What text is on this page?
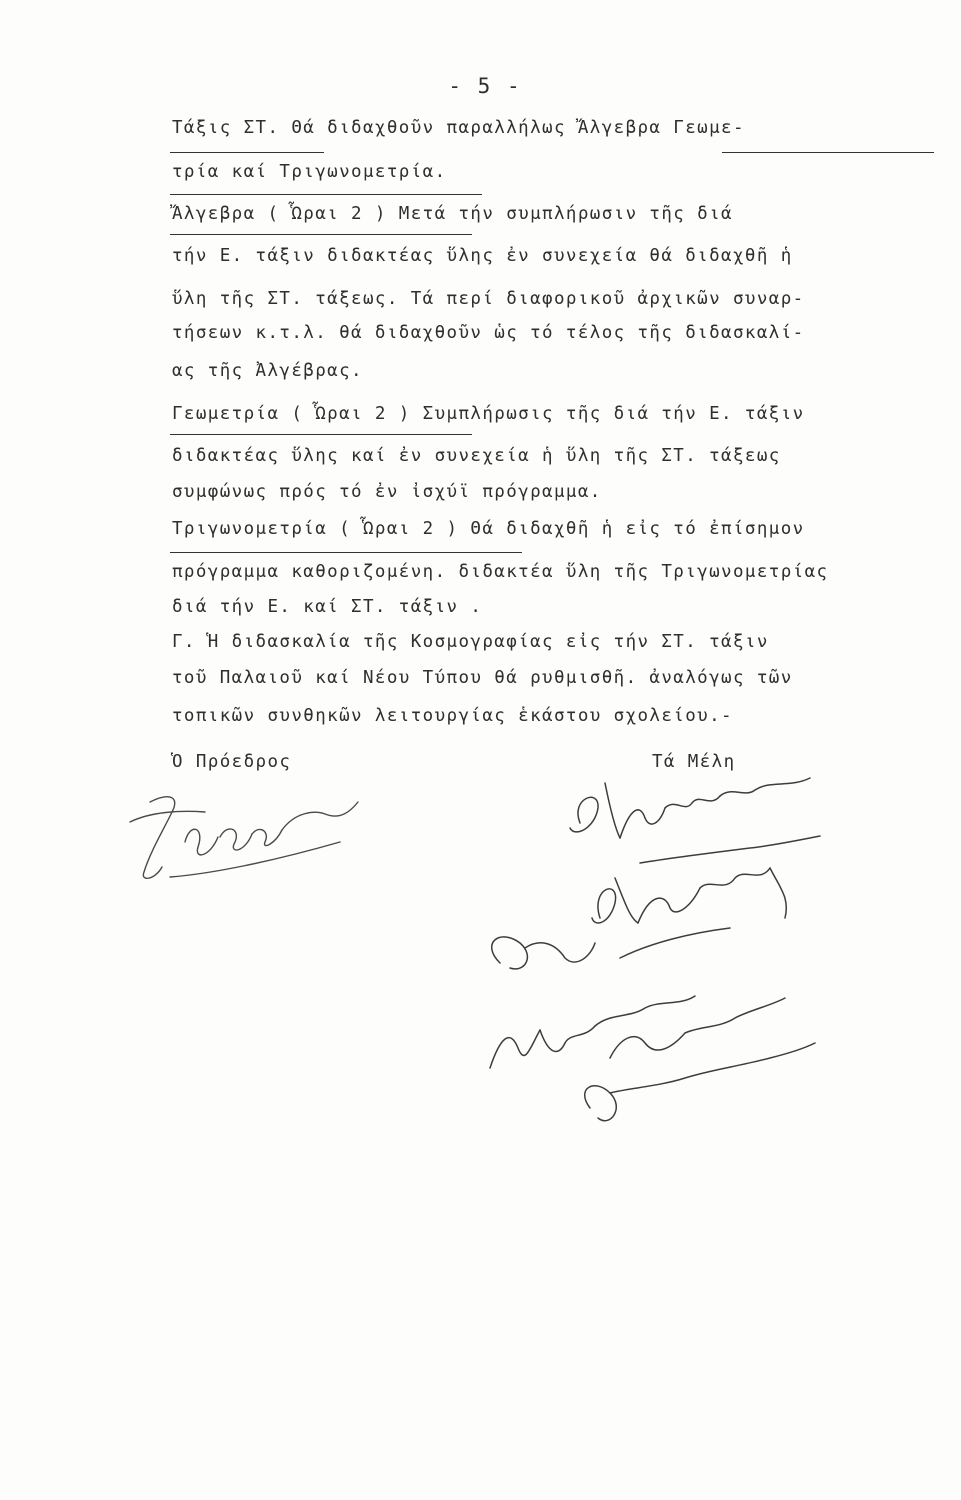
- 5 -
Τάξις ΣΤ. Θά διδαχθοῦν παραλλήλως Ἄλγεβρα Γεωμε-
τρία καί Τριγωνομετρία.
Ἄλγεβρα ( Ὧραι 2 ) Μετά τήν συμπλήρωσιν τῆς διά
τήν Ε. τάξιν διδακτέας ὕλης ἐν συνεχεία θά διδαχθῆ ἡ
ὕλη τῆς ΣΤ. τάξεως. Τά περί διαφορικοῦ ἀρχικῶν συναρ-
τήσεων κ.τ.λ. θά διδαχθοῦν ὡς τό τέλος τῆς διδασκαλί-
ας τῆς Ἀλγέβρας.
Γεωμετρία ( Ὧραι 2 ) Συμπλήρωσις τῆς διά τήν Ε. τάξιν
διδακτέας ὕλης καί ἐν συνεχεία ἡ ὕλη τῆς ΣΤ. τάξεως
συμφώνως πρός τό ἐν ἰσχύϊ πρόγραμμα.
Τριγωνομετρία ( Ὧραι 2 ) Θά διδαχθῆ ἡ εἰς τό ἐπίσημον
πρόγραμμα καθοριζομένη. διδακτέα ὕλη τῆς Τριγωνομετρίας
διά τήν Ε. καί ΣΤ. τάξιν .
Γ. Ἡ διδασκαλία τῆς Κοσμογραφίας εἰς τήν ΣΤ. τάξιν
τοῦ Παλαιοῦ καί Νέου Τύπου θά ρυθμισθῆ. ἀναλόγως τῶν
τοπικῶν συνθηκῶν λειτουργίας ἑκάστου σχολείου.-
Ὁ Πρόεδρος	Τά Μέλη
